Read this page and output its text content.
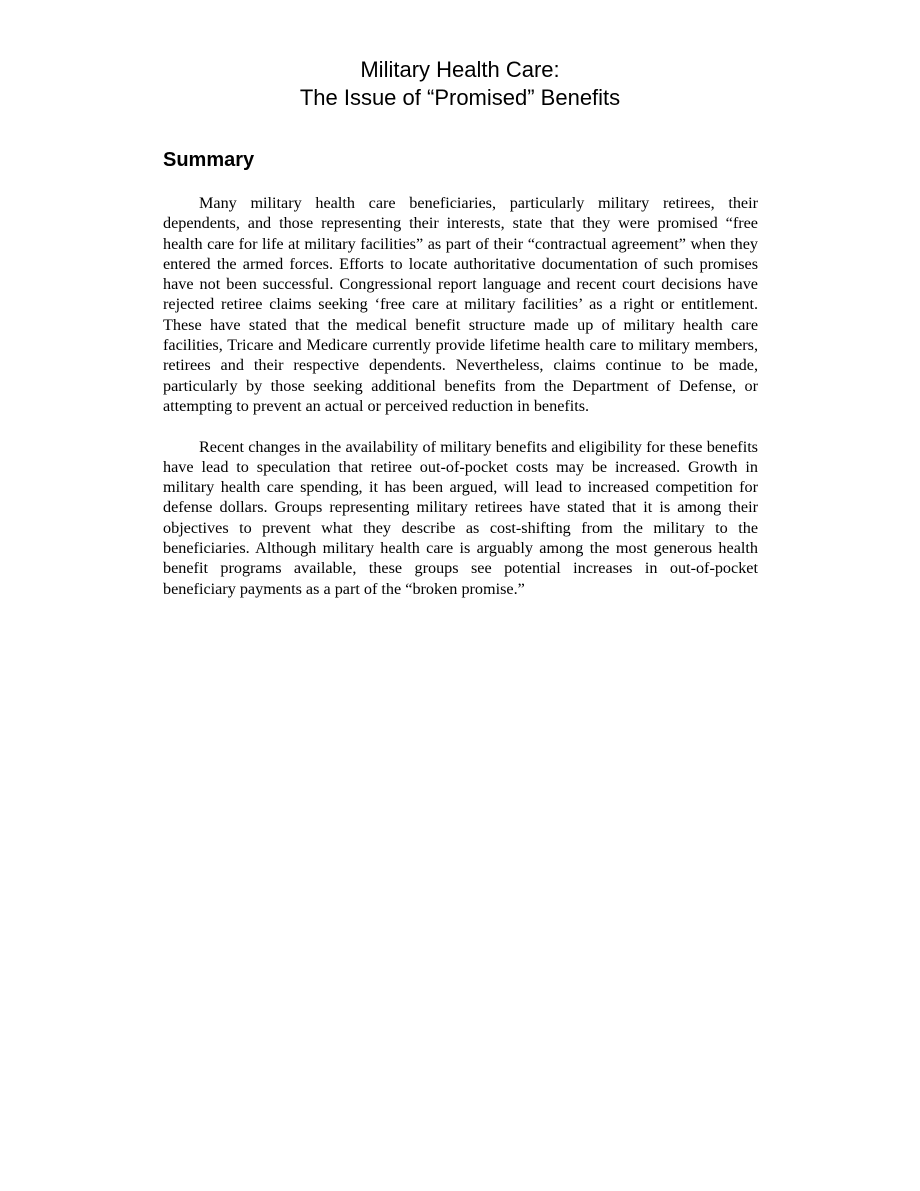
Military Health Care:
The Issue of “Promised” Benefits
Summary

Many military health care beneficiaries, particularly military retirees, their dependents, and those representing their interests, state that they were promised “free health care for life at military facilities” as part of their “contractual agreement” when they entered the armed forces. Efforts to locate authoritative documentation of such promises have not been successful. Congressional report language and recent court decisions have rejected retiree claims seeking ‘free care at military facilities’ as a right or entitlement. These have stated that the medical benefit structure made up of military health care facilities, Tricare and Medicare currently provide lifetime health care to military members, retirees and their respective dependents. Nevertheless, claims continue to be made, particularly by those seeking additional benefits from the Department of Defense, or attempting to prevent an actual or perceived reduction in benefits.

Recent changes in the availability of military benefits and eligibility for these benefits have lead to speculation that retiree out-of-pocket costs may be increased. Growth in military health care spending, it has been argued, will lead to increased competition for defense dollars. Groups representing military retirees have stated that it is among their objectives to prevent what they describe as cost-shifting from the military to the beneficiaries. Although military health care is arguably among the most generous health benefit programs available, these groups see potential increases in out-of-pocket beneficiary payments as a part of the “broken promise.”
